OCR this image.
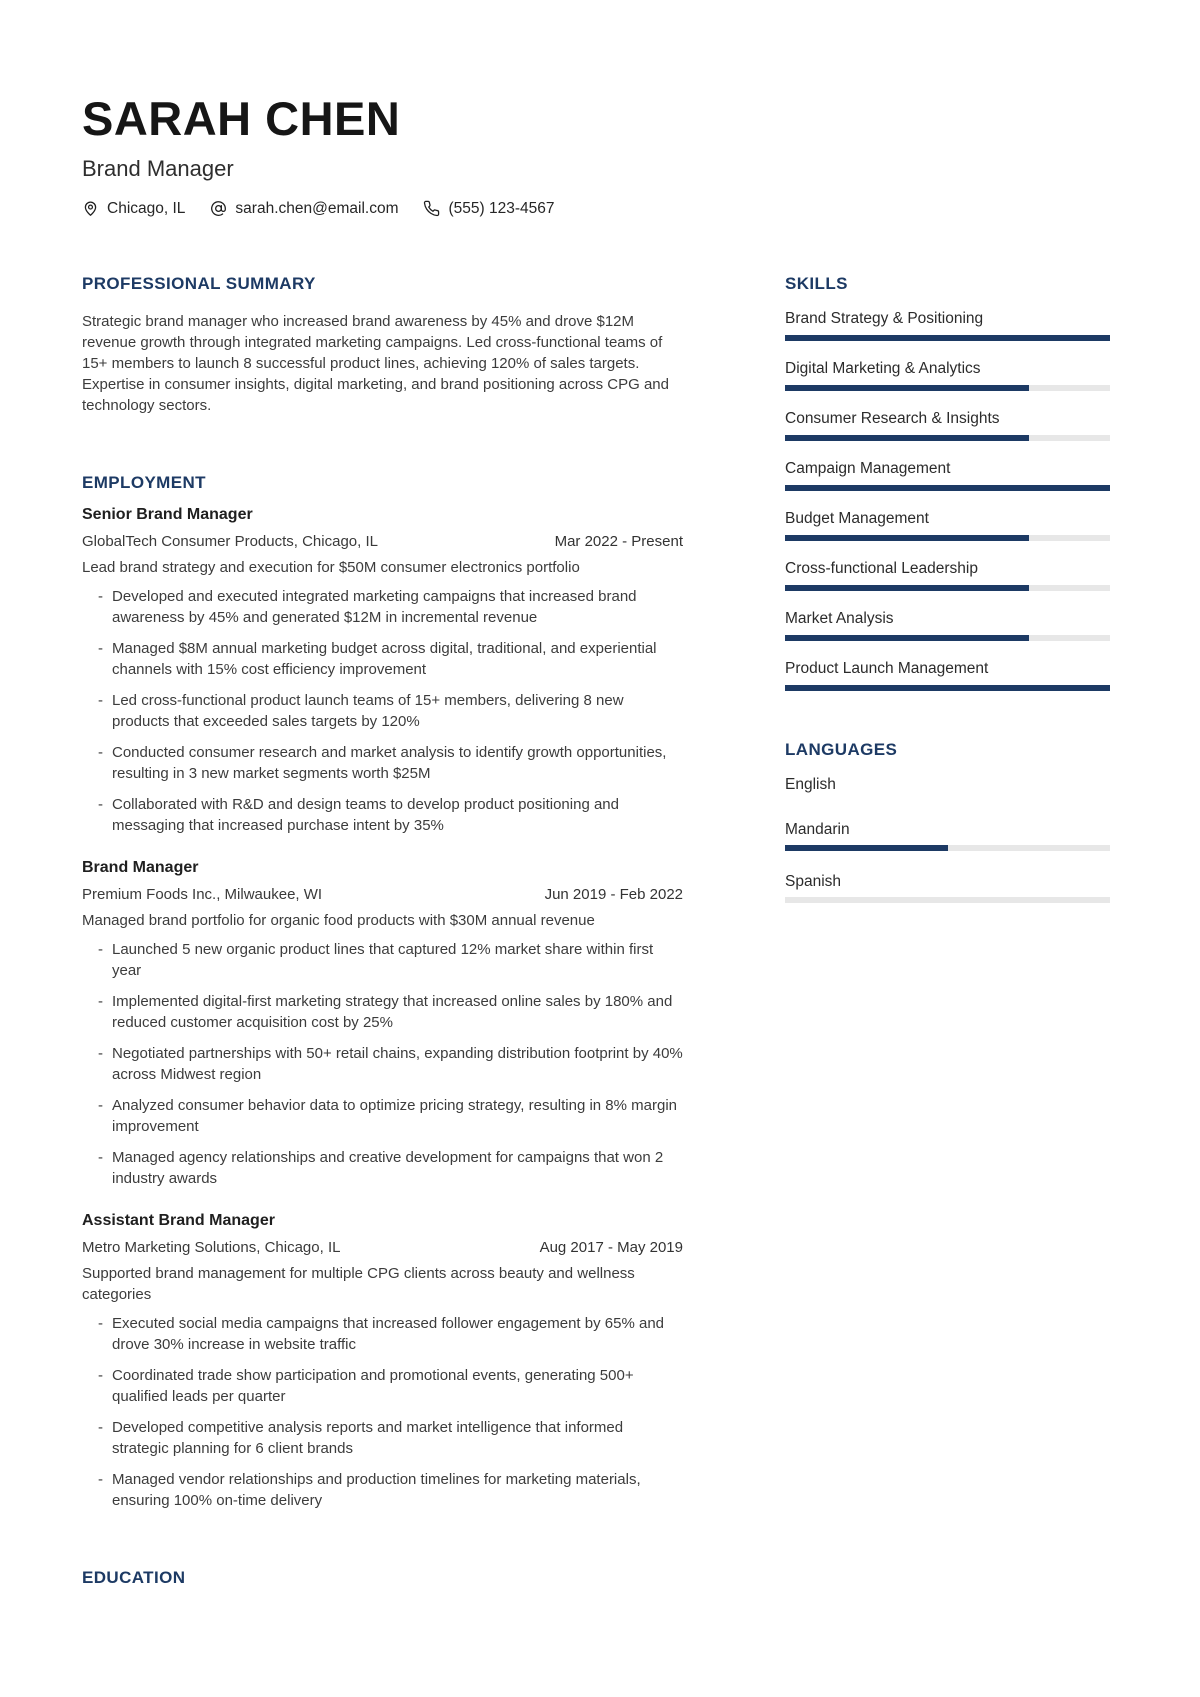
SARAH CHEN
Brand Manager
Chicago, IL	sarah.chen@email.com	(555) 123-4567
PROFESSIONAL SUMMARY

Strategic brand manager who increased brand awareness by 45% and drove $12M revenue growth through integrated marketing campaigns. Led cross-functional teams of 15+ members to launch 8 successful product lines, achieving 120% of sales targets. Expertise in consumer insights, digital marketing, and brand positioning across CPG and technology sectors.

EMPLOYMENT
Senior Brand Manager
GlobalTech Consumer Products, Chicago, IL	Mar 2022 - Present
Lead brand strategy and execution for $50M consumer electronics portfolio
- Developed and executed integrated marketing campaigns that increased brand awareness by 45% and generated $12M in incremental revenue
- Managed $8M annual marketing budget across digital, traditional, and experiential channels with 15% cost efficiency improvement
- Led cross-functional product launch teams of 15+ members, delivering 8 new products that exceeded sales targets by 120%
- Conducted consumer research and market analysis to identify growth opportunities, resulting in 3 new market segments worth $25M
- Collaborated with R&D and design teams to develop product positioning and messaging that increased purchase intent by 35%
Brand Manager
Premium Foods Inc., Milwaukee, WI	Jun 2019 - Feb 2022
Managed brand portfolio for organic food products with $30M annual revenue
- Launched 5 new organic product lines that captured 12% market share within first year
- Implemented digital-first marketing strategy that increased online sales by 180% and reduced customer acquisition cost by 25%
- Negotiated partnerships with 50+ retail chains, expanding distribution footprint by 40% across Midwest region
- Analyzed consumer behavior data to optimize pricing strategy, resulting in 8% margin improvement
- Managed agency relationships and creative development for campaigns that won 2 industry awards
Assistant Brand Manager
Metro Marketing Solutions, Chicago, IL	Aug 2017 - May 2019
Supported brand management for multiple CPG clients across beauty and wellness categories
- Executed social media campaigns that increased follower engagement by 65% and drove 30% increase in website traffic
- Coordinated trade show participation and promotional events, generating 500+ qualified leads per quarter
- Developed competitive analysis reports and market intelligence that informed strategic planning for 6 client brands
- Managed vendor relationships and production timelines for marketing materials, ensuring 100% on-time delivery
EDUCATION
SKILLS
Brand Strategy & Positioning
Digital Marketing & Analytics
Consumer Research & Insights
Campaign Management
Budget Management
Cross-functional Leadership
Market Analysis
Product Launch Management
LANGUAGES
English
Mandarin
Spanish
